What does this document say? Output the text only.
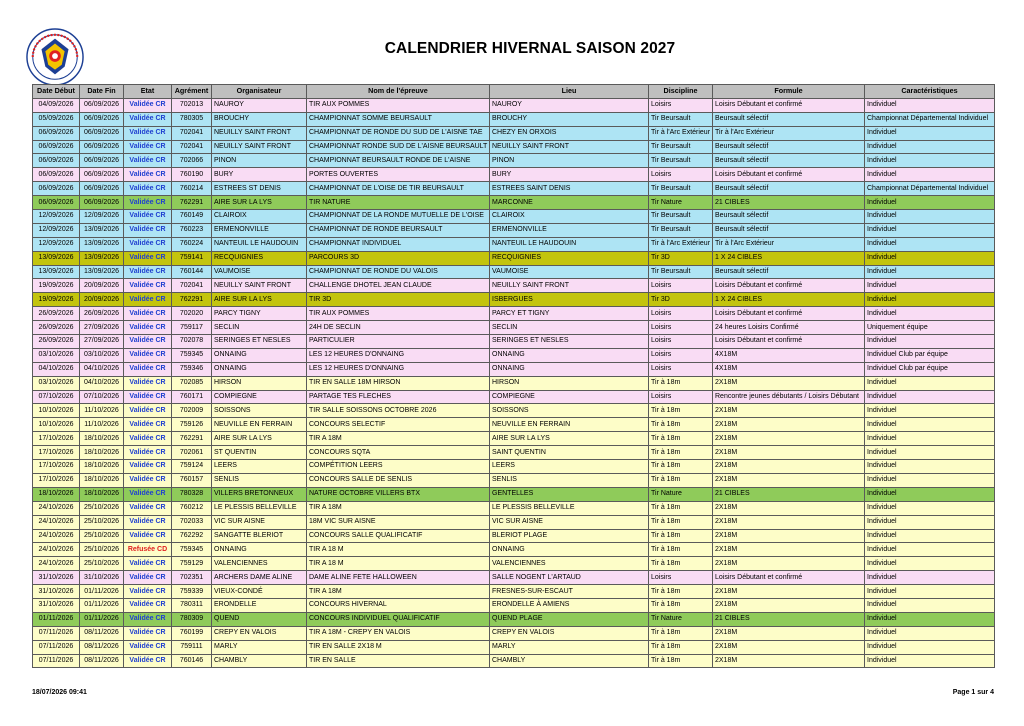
CALENDRIER HIVERNAL SAISON 2027
Date Début	Date Fin	Etat	Agrément	Organisateur	Nom de l'épreuve	Lieu	Discipline	Formule	Caractéristiques
04/09/2026	06/09/2026	Validée CR	702013	NAUROY	TIR AUX POMMES	NAUROY	Loisirs	Loisirs Débutant et confirmé	Individuel
05/09/2026	06/09/2026	Validée CR	780305	BROUCHY	CHAMPIONNAT SOMME BEURSAULT	BROUCHY	Tir Beursault	Beursault sélectif	Championnat Départemental Individuel
06/09/2026	06/09/2026	Validée CR	702041	NEUILLY SAINT FRONT	CHAMPIONNAT DE RONDE DU SUD DE L'AISNE TAE	CHEZY EN ORXOIS	Tir à l'Arc Extérieur	Tir à l'Arc Extérieur	Individuel
06/09/2026	06/09/2026	Validée CR	702041	NEUILLY SAINT FRONT	CHAMPIONNAT RONDE SUD DE L'AISNE BEURSAULT	NEUILLY SAINT FRONT	Tir Beursault	Beursault sélectif	Individuel
06/09/2026	06/09/2026	Validée CR	702066	PINON	CHAMPIONNAT BEURSAULT RONDE DE L'AISNE	PINON	Tir Beursault	Beursault sélectif	Individuel
06/09/2026	06/09/2026	Validée CR	760190	BURY	PORTES OUVERTES	BURY	Loisirs	Loisirs Débutant et confirmé	Individuel
06/09/2026	06/09/2026	Validée CR	760214	ESTREES ST DENIS	CHAMPIONNAT DE L'OISE DE TIR BEURSAULT	ESTREES SAINT DENIS	Tir Beursault	Beursault sélectif	Championnat Départemental Individuel
06/09/2026	06/09/2026	Validée CR	762291	AIRE SUR LA LYS	TIR NATURE	MARCONNE	Tir Nature	21 CIBLES	Individuel
12/09/2026	12/09/2026	Validée CR	760149	CLAIROIX	CHAMPIONNAT DE LA RONDE MUTUELLE DE L'OISE	CLAIROIX	Tir Beursault	Beursault sélectif	Individuel
12/09/2026	13/09/2026	Validée CR	760223	ERMENONVILLE	CHAMPIONNAT DE RONDE BEURSAULT	ERMENONVILLE	Tir Beursault	Beursault sélectif	Individuel
12/09/2026	13/09/2026	Validée CR	760224	NANTEUIL LE HAUDOUIN	CHAMPIONNAT INDIVIDUEL	NANTEUIL LE HAUDOUIN	Tir à l'Arc Extérieur	Tir à l'Arc Extérieur	Individuel
13/09/2026	13/09/2026	Validée CR	759141	RECQUIGNIES	PARCOURS 3D	RECQUIGNIES	Tir 3D	1 X 24 CIBLES	Individuel
13/09/2026	13/09/2026	Validée CR	760144	VAUMOISE	CHAMPIONNAT DE RONDE DU VALOIS	VAUMOISE	Tir Beursault	Beursault sélectif	Individuel
19/09/2026	20/09/2026	Validée CR	702041	NEUILLY SAINT FRONT	CHALLENGE DHOTEL JEAN CLAUDE	NEUILLY SAINT FRONT	Loisirs	Loisirs Débutant et confirmé	Individuel
19/09/2026	20/09/2026	Validée CR	762291	AIRE SUR LA LYS	TIR 3D	ISBERGUES	Tir 3D	1 X 24 CIBLES	Individuel
26/09/2026	26/09/2026	Validée CR	702020	PARCY TIGNY	TIR AUX POMMES	PARCY ET TIGNY	Loisirs	Loisirs Débutant et confirmé	Individuel
26/09/2026	27/09/2026	Validée CR	759117	SECLIN	24H DE SECLIN	SECLIN	Loisirs	24 heures Loisirs Confirmé	Uniquement équipe
26/09/2026	27/09/2026	Validée CR	702078	SERINGES ET NESLES	PARTICULIER	SERINGES ET NESLES	Loisirs	Loisirs Débutant et confirmé	Individuel
03/10/2026	03/10/2026	Validée CR	759345	ONNAING	LES 12 HEURES D'ONNAING	ONNAING	Loisirs	4X18M	Individuel Club par équipe
04/10/2026	04/10/2026	Validée CR	759346	ONNAING	LES 12 HEURES D'ONNAING	ONNAING	Loisirs	4X18M	Individuel Club par équipe
03/10/2026	04/10/2026	Validée CR	702085	HIRSON	TIR EN SALLE 18M HIRSON	HIRSON	Tir à 18m	2X18M	Individuel
07/10/2026	07/10/2026	Validée CR	760171	COMPIEGNE	PARTAGE TES FLECHES	COMPIEGNE	Loisirs	Rencontre jeunes débutants / Loisirs Débutant	Individuel
10/10/2026	11/10/2026	Validée CR	702009	SOISSONS	TIR SALLE SOISSONS OCTOBRE 2026	SOISSONS	Tir à 18m	2X18M	Individuel
10/10/2026	11/10/2026	Validée CR	759126	NEUVILLE EN FERRAIN	CONCOURS SELECTIF	NEUVILLE EN FERRAIN	Tir à 18m	2X18M	Individuel
17/10/2026	18/10/2026	Validée CR	762291	AIRE SUR LA LYS	TIR A 18M	AIRE SUR LA LYS	Tir à 18m	2X18M	Individuel
17/10/2026	18/10/2026	Validée CR	702061	ST QUENTIN	CONCOURS SQTA	SAINT QUENTIN	Tir à 18m	2X18M	Individuel
17/10/2026	18/10/2026	Validée CR	759124	LEERS	COMPÉTITION LEERS	LEERS	Tir à 18m	2X18M	Individuel
17/10/2026	18/10/2026	Validée CR	760157	SENLIS	CONCOURS SALLE DE SENLIS	SENLIS	Tir à 18m	2X18M	Individuel
18/10/2026	18/10/2026	Validée CR	780328	VILLERS BRETONNEUX	NATURE OCTOBRE VILLERS BTX	GENTELLES	Tir Nature	21 CIBLES	Individuel
24/10/2026	25/10/2026	Validée CR	760212	LE PLESSIS BELLEVILLE	TIR A 18M	LE PLESSIS BELLEVILLE	Tir à 18m	2X18M	Individuel
24/10/2026	25/10/2026	Validée CR	702033	VIC SUR AISNE	18M VIC SUR AISNE	VIC SUR AISNE	Tir à 18m	2X18M	Individuel
24/10/2026	25/10/2026	Validée CR	762292	SANGATTE BLERIOT	CONCOURS SALLE QUALIFICATIF	BLERIOT PLAGE	Tir à 18m	2X18M	Individuel
24/10/2026	25/10/2026	Refusée CD	759345	ONNAING	TIR A 18 M	ONNAING	Tir à 18m	2X18M	Individuel
24/10/2026	25/10/2026	Validée CR	759129	VALENCIENNES	TIR A 18 M	VALENCIENNES	Tir à 18m	2X18M	Individuel
31/10/2026	31/10/2026	Validée CR	702351	ARCHERS DAME ALINE	DAME ALINE FETE HALLOWEEN	SALLE NOGENT L'ARTAUD	Loisirs	Loisirs Débutant et confirmé	Individuel
31/10/2026	01/11/2026	Validée CR	759339	VIEUX-CONDÉ	TIR A 18M	FRESNES-SUR-ESCAUT	Tir à 18m	2X18M	Individuel
31/10/2026	01/11/2026	Validée CR	780311	ERONDELLE	CONCOURS HIVERNAL	ERONDELLE À AMIENS	Tir à 18m	2X18M	Individuel
01/11/2026	01/11/2026	Validée CR	780309	QUEND	CONCOURS INDIVIDUEL QUALIFICATIF	QUEND PLAGE	Tir Nature	21 CIBLES	Individuel
07/11/2026	08/11/2026	Validée CR	760199	CREPY EN VALOIS	TIR A 18M - CREPY EN VALOIS	CREPY EN VALOIS	Tir à 18m	2X18M	Individuel
07/11/2026	08/11/2026	Validée CR	759111	MARLY	TIR EN SALLE 2X18 M	MARLY	Tir à 18m	2X18M	Individuel
07/11/2026	08/11/2026	Validée CR	760146	CHAMBLY	TIR EN SALLE	CHAMBLY	Tir à 18m	2X18M	Individuel
18/07/2026 09:41	Page 1 sur 4
